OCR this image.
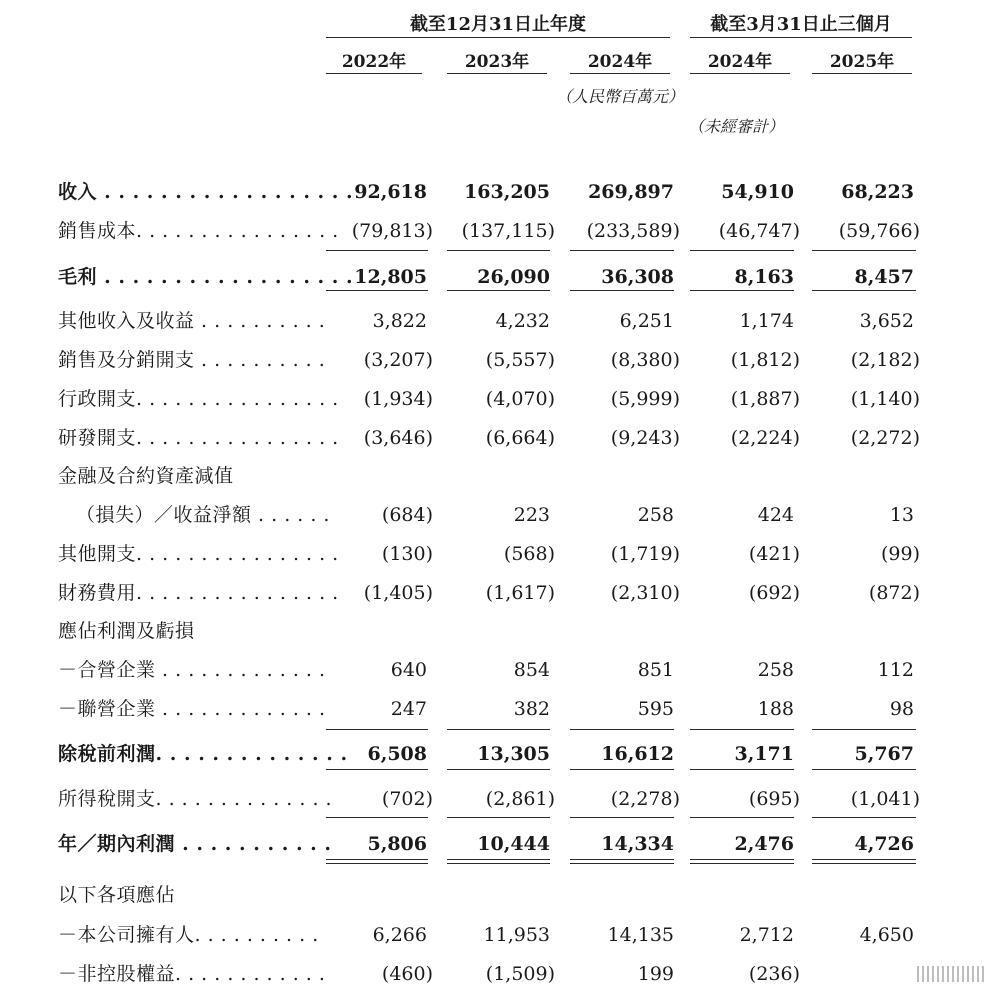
截至12月31日止年度	截至3月31日止三個月
2022年	2023年	2024年	2024年	2025年
（人民幣百萬元）
（未經審計）
收入 . . . . . . . . . . . . . . . . . . 92,618 163,205 269,897 54,910 68,223
銷售成本. . . . . . . . . . . . . . . . (79,813) (137,115) (233,589) (46,747) (59,766)
毛利 . . . . . . . . . . . . . . . . . . 12,805	26,090	36,308	8,163	8,457
其他收入及收益 . . . . . . . . . . 3,822	4,232	6,251	1,174	3,652
銷售及分銷開支 . . . . . . . . . . (3,207)	(5,557)	(8,380)	(1,812)	(2,182)
行政開支. . . . . . . . . . . . . . . . (1,934)	(4,070)	(5,999)	(1,887)	(1,140)
研發開支. . . . . . . . . . . . . . . . (3,646)	(6,664)	(9,243)	(2,224)	(2,272)
金融及合約資產減值
（損失）／收益淨額 . . . . . .	(684)	223	258	424	13
其他開支. . . . . . . . . . . . . . . . (130)	(568)	(1,719)	(421)	(99)
財務費用. . . . . . . . . . . . . . . . (1,405)	(1,617)	(2,310)	(692)	(872)
應佔利潤及虧損
－合營企業 . . . . . . . . . . . . .	640	854	851	258	112
－聯營企業 . . . . . . . . . . . . .	247	382	595	188	98
除稅前利潤. . . . . . . . . . . . . . 6,508	13,305	16,612	3,171	5,767
所得稅開支. . . . . . . . . . . . . .	(702)	(2,861)	(2,278)	(695)	(1,041)
年／期內利潤 . . . . . . . . . . . 5,806	10,444	14,334	2,476	4,726
以下各項應佔
－本公司擁有人. . . . . . . . . .	6,266	11,953	14,135	2,712	4,650
－非控股權益. . . . . . . . . . . .	(460)	(1,509)	199	(236)
